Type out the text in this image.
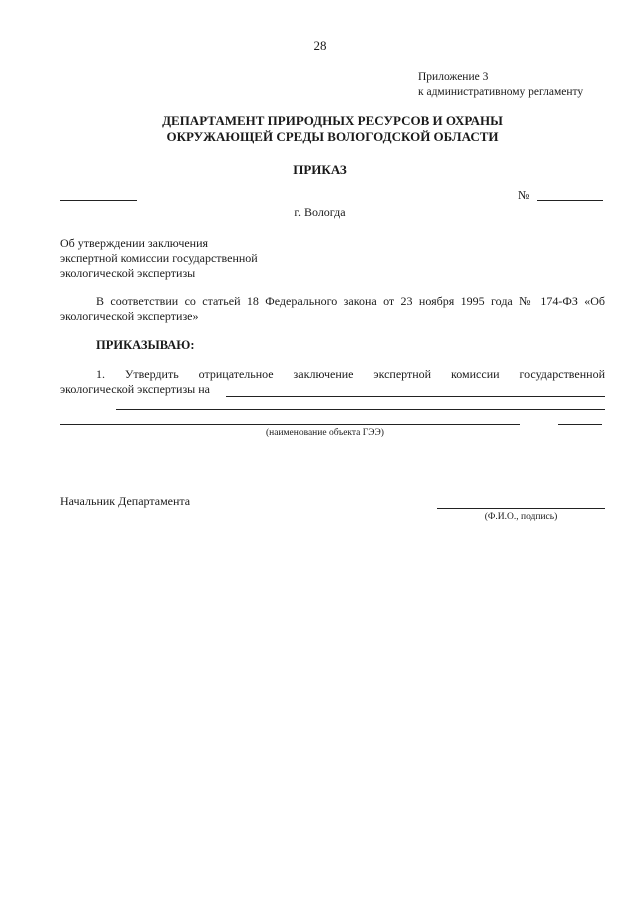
28
Приложение 3
к административному регламенту
ДЕПАРТАМЕНТ ПРИРОДНЫХ РЕСУРСОВ И ОХРАНЫ
ОКРУЖАЮЩЕЙ СРЕДЫ ВОЛОГОДСКОЙ ОБЛАСТИ
ПРИКАЗ
№
г. Вологда
Об утверждении заключения
экспертной комиссии государственной
экологической экспертизы
В соответствии со статьей 18 Федерального закона от 23 ноября 1995 года № 174-ФЗ «Об экологической экспертизе»
ПРИКАЗЫВАЮ:
1. Утвердить отрицательное заключение экспертной комиссии государственной
экологической экспертизы на
(наименование объекта ГЭЭ)
Начальник Департамента
(Ф.И.О., подпись)
